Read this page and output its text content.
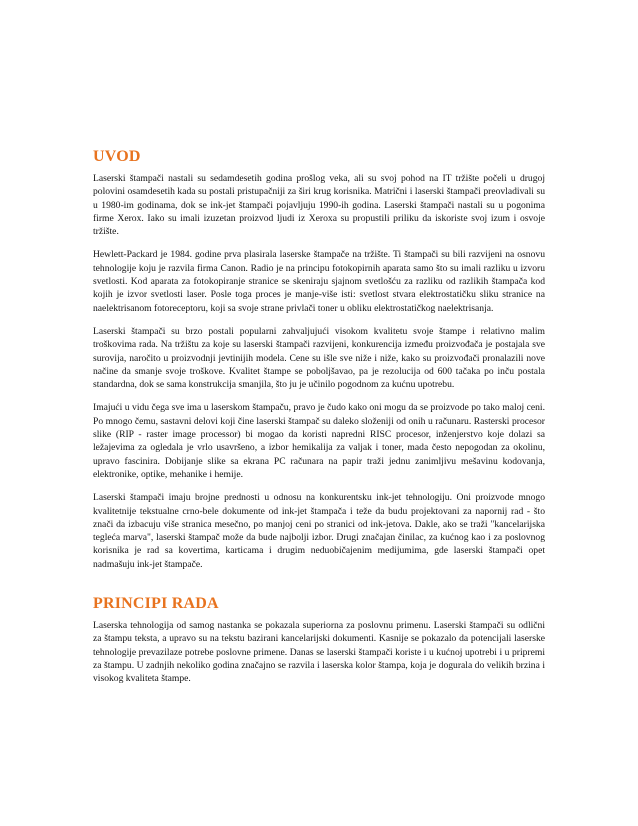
UVOD

Laserski štampači nastali su sedamdesetih godina prošlog veka, ali su svoj pohod na IT tržište počeli u drugoj polovini osamdesetih kada su postali pristupačniji za širi krug korisnika. Matrični i laserski štampači preovladivali su u 1980-im godinama, dok se ink-jet štampači pojavljuju 1990-ih godina. Laserski štampači nastali su u pogonima firme Xerox. Iako su imali izuzetan proizvod ljudi iz Xeroxa su propustili priliku da iskoriste svoj izum i osvoje tržište.

Hewlett-Packard je 1984. godine prva plasirala laserske štampače na tržište. Ti štampači su bili razvijeni na osnovu tehnologije koju je razvila firma Canon. Radio je na principu fotokopirnih aparata samo što su imali razliku u izvoru svetlosti. Kod aparata za fotokopiranje stranice se skeniraju sjajnom svetlošću za razliku od razlikih štampača kod kojih je izvor svetlosti laser. Posle toga proces je manje-više isti: svetlost stvara elektrostatičku sliku stranice na naelektrisanom fotoreceptoru, koji sa svoje strane privlači toner u obliku elektrostatičkog naelektrisanja.

Laserski štampači su brzo postali popularni zahvaljujući visokom kvalitetu svoje štampe i relativno malim troškovima rada. Na tržištu za koje su laserski štampači razvijeni, konkurencija između proizvođača je postajala sve surovija, naročito u proizvodnji jevtinijih modela. Cene su išle sve niže i niže, kako su proizvođači pronalazili nove načine da smanje svoje troškove. Kvalitet štampe se poboljšavao, pa je rezolucija od 600 tačaka po inču postala standardna, dok se sama konstrukcija smanjila, što ju je učinilo pogodnom za kućnu upotrebu.

Imajući u vidu čega sve ima u laserskom štampaču, pravo je čudo kako oni mogu da se proizvode po tako maloj ceni. Po mnogo čemu, sastavni delovi koji čine laserski štampač su daleko složeniji od onih u računaru. Rasterski procesor slike (RIP - raster image processor) bi mogao da koristi napredni RISC procesor, inženjerstvo koje dolazi sa ležajevima za ogledala je vrlo usavršeno, a izbor hemikalija za valjak i toner, mada često nepogodan za okolinu, upravo fascinira. Dobijanje slike sa ekrana PC računara na papir traži jednu zanimljivu mešavinu kodovanja, elektronike, optike, mehanike i hemije.

Laserski štampači imaju brojne prednosti u odnosu na konkurentsku ink-jet tehnologiju. Oni proizvode mnogo kvalitetnije tekstualne crno-bele dokumente od ink-jet štampača i teže da budu projektovani za napornij rad - što znači da izbacuju više stranica mesečno, po manjoj ceni po stranici od ink-jetova. Dakle, ako se traži "kancelarijska tegleća marva", laserski štampač može da bude najbolji izbor. Drugi značajan činilac, za kućnog kao i za poslovnog korisnika je rad sa kovertima, karticama i drugim neduobičajenim medijumima, gde laserski štampači opet nadmašuju ink-jet štampače.

PRINCIPI RADA

Laserska tehnologija od samog nastanka se pokazala superiorna za poslovnu primenu. Laserski štampači su odlični za štampu teksta, a upravo su na tekstu bazirani kancelarijski dokumenti. Kasnije se pokazalo da potencijali laserske tehnologije prevazilaze potrebe poslovne primene. Danas se laserski štampači koriste i u kućnoj upotrebi i u pripremi za štampu. U zadnjih nekoliko godina značajno se razvila i laserska kolor štampa, koja je dogurala do velikih brzina i visokog kvaliteta štampe.
